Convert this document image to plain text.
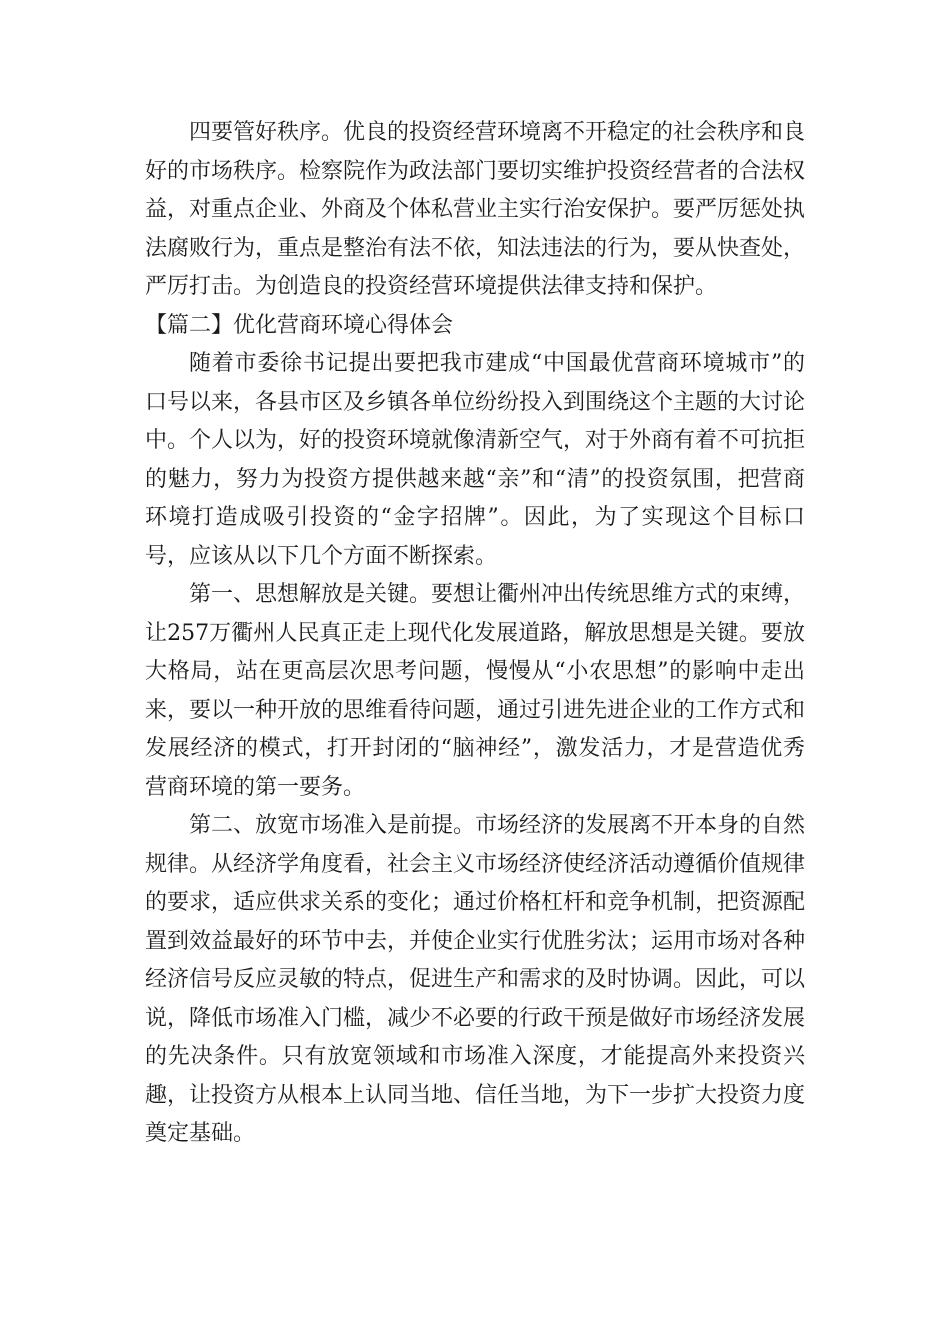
四要管好秩序。优良的投资经营环境离不开稳定的社会秩序和良好的市场秩序。检察院作为政法部门要切实维护投资经营者的合法权益，对重点企业、外商及个体私营业主实行治安保护。要严厉惩处执法腐败行为，重点是整治有法不依，知法违法的行为，要从快查处，严厉打击。为创造良的投资经营环境提供法律支持和保护。

【篇二】优化营商环境心得体会

随着市委徐书记提出要把我市建成“中国最优营商环境城市”的口号以来，各县市区及乡镇各单位纷纷投入到围绕这个主题的大讨论中。个人以为，好的投资环境就像清新空气，对于外商有着不可抗拒的魅力，努力为投资方提供越来越“亲”和“清”的投资氛围，把营商环境打造成吸引投资的“金字招牌”。因此，为了实现这个目标口号，应该从以下几个方面不断探索。

第一、思想解放是关键。要想让衢州冲出传统思维方式的束缚，让257万衢州人民真正走上现代化发展道路，解放思想是关键。要放大格局，站在更高层次思考问题，慢慢从“小农思想”的影响中走出来，要以一种开放的思维看待问题，通过引进先进企业的工作方式和发展经济的模式，打开封闭的“脑神经”，激发活力，才是营造优秀营商环境的第一要务。

第二、放宽市场准入是前提。市场经济的发展离不开本身的自然规律。从经济学角度看，社会主义市场经济使经济活动遵循价值规律的要求，适应供求关系的变化；通过价格杠杆和竞争机制，把资源配置到效益最好的环节中去，并使企业实行优胜劣汰；运用市场对各种经济信号反应灵敏的特点，促进生产和需求的及时协调。因此，可以说，降低市场准入门槛，减少不必要的行政干预是做好市场经济发展的先决条件。只有放宽领域和市场准入深度，才能提高外来投资兴趣，让投资方从根本上认同当地、信任当地，为下一步扩大投资力度奠定基础。
